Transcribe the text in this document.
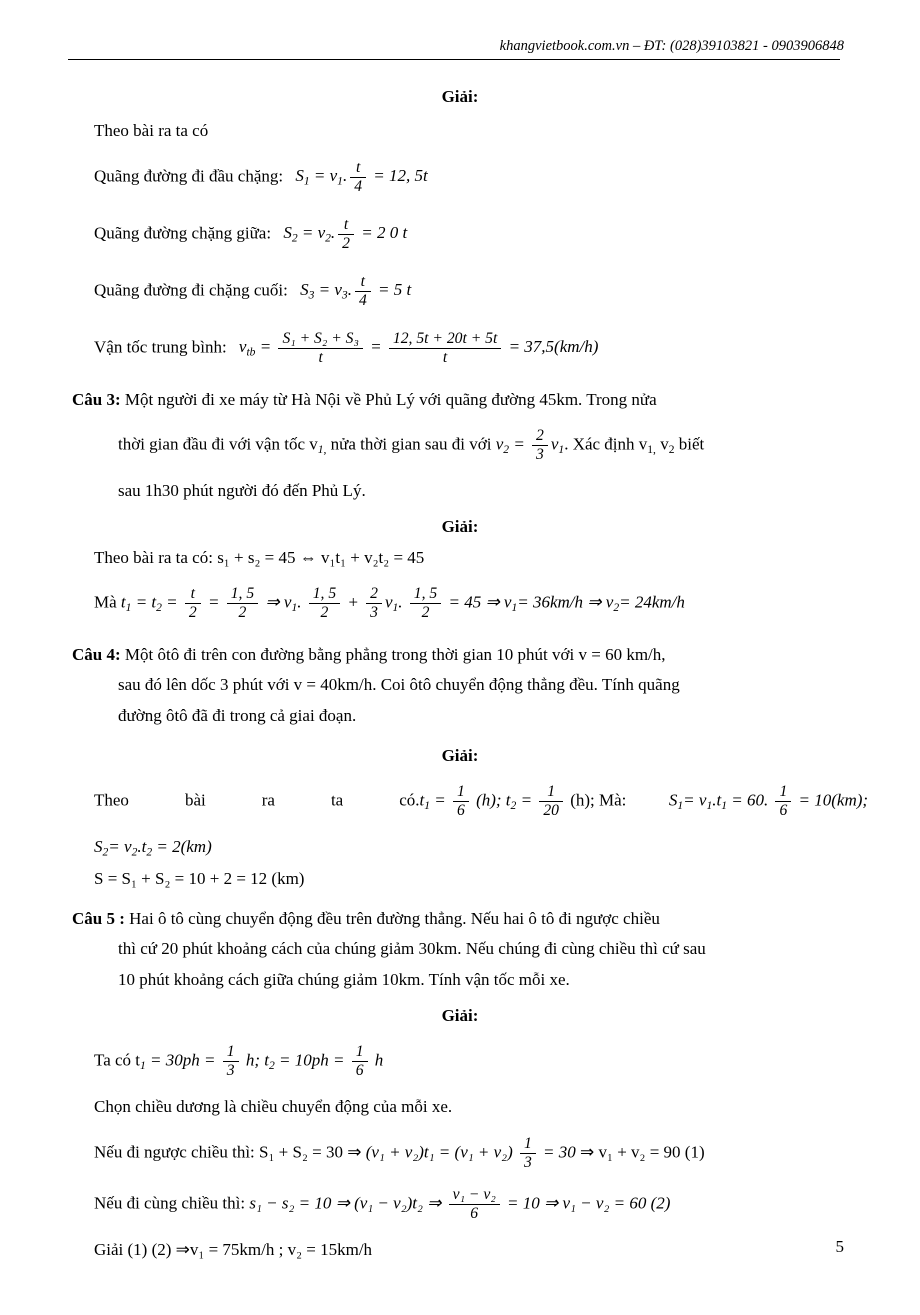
khangvietbook.com.vn – ĐT: (028)39103821 - 0903906848
Giải:
Theo bài ra ta có
Quãng đường đi đầu chặng: $S_1 = v_1$. $\frac{t}{4} = 12$, 5t
Quãng đường chặng giữa: $S_2 = v_2$. $\frac{t}{2} = 2$ 0 t
Quãng đường đi chặng cuối: $S_3 = v_3$. $\frac{t}{4} = 5$ t
Vận tốc trung bình: $v_{tb} = \frac{\text{S₁ + S₂ + S₃}}{t} = \frac{12, 5t + 20t + 5t}{t} = 37,5(km/h)$
Câu 3: Một người đi xe máy từ Hà Nội về Phủ Lý với quãng đường 45km. Trong nửa
thời gian đầu đi với vận tốc $v_{1,}$ nửa thời gian sau đi với $v_2 = \frac{2}{3} v_1$. Xác định $v_{1,}$ $v_2$ biết
sau 1h30 phút người đó đến Phủ Lý.
Giải:
Theo bài ra ta có: s₁ + s₂ = 45 ⇔ v₁t₁ + v₂t₂ = 45
Mà $t_1 = t_2 = \frac{t}{2} = \frac{1, 5}{2}$ ⇒ $v_1$. $\frac{1, 5}{2} + \frac{2}{3} v_1$. $\frac{1, 5}{2} = 45$ ⇒ $v_1= 36km/h$ ⇒ $v_2= 24km/h$
Câu 4: Một ôtô đi trên con đường bằng phẳng trong thời gian 10 phút với v = 60 km/h,
sau đó lên dốc 3 phút với v = 40km/h. Coi ôtô chuyển động thẳng đều. Tính quãng
đường ôtô đã đi trong cả giai đoạn.
Giải:
Theo	bài	ra	ta	$có.t_1 = \frac{1}{6} (h)$; $t_2 = \frac{1}{20} (h)$; Mà:	$S_1= v_1.t_1 = 60$. $\frac{1}{6} = 10(km)$;
$S_2= v_2.t_2 = 2(km)$
S = S₁ + S₂ = 10 + 2 = 12 (km)
Câu 5 : Hai ô tô cùng chuyển động đều trên đường thẳng. Nếu hai ô tô đi ngược chiều
thì cứ 20 phút khoảng cách của chúng giảm 30km. Nếu chúng đi cùng chiều thì cứ sau
10 phút khoảng cách giữa chúng giảm 10km. Tính vận tốc mỗi xe.
Giải:
Ta có $t_1 = 30ph = \frac{1}{3} h$; $t_2 = 10ph = \frac{1}{6}$ h
Chọn chiều dương là chiều chuyển động của mỗi xe.
Nếu đi ngược chiều thì: S₁ + S₂ = 30 ⇒ $(v_1 + v_2)t_1 = (v_1 + v_2) \frac{1}{3} = 30$ ⇒ v₁ + v₂ = 90 (1)
Nếu đi cùng chiều thì: s₁ − s₂ = 10 ⇒ (v₁ − v₂)t₂ ⇒ $\frac{\text{v₁ − v₂}}{6} = 10$ ⇒ v₁ − v₂ = 60 (2)
Giải (1) (2) ⇒v₁ = 75km/h ; v₂ = 15km/h	5
